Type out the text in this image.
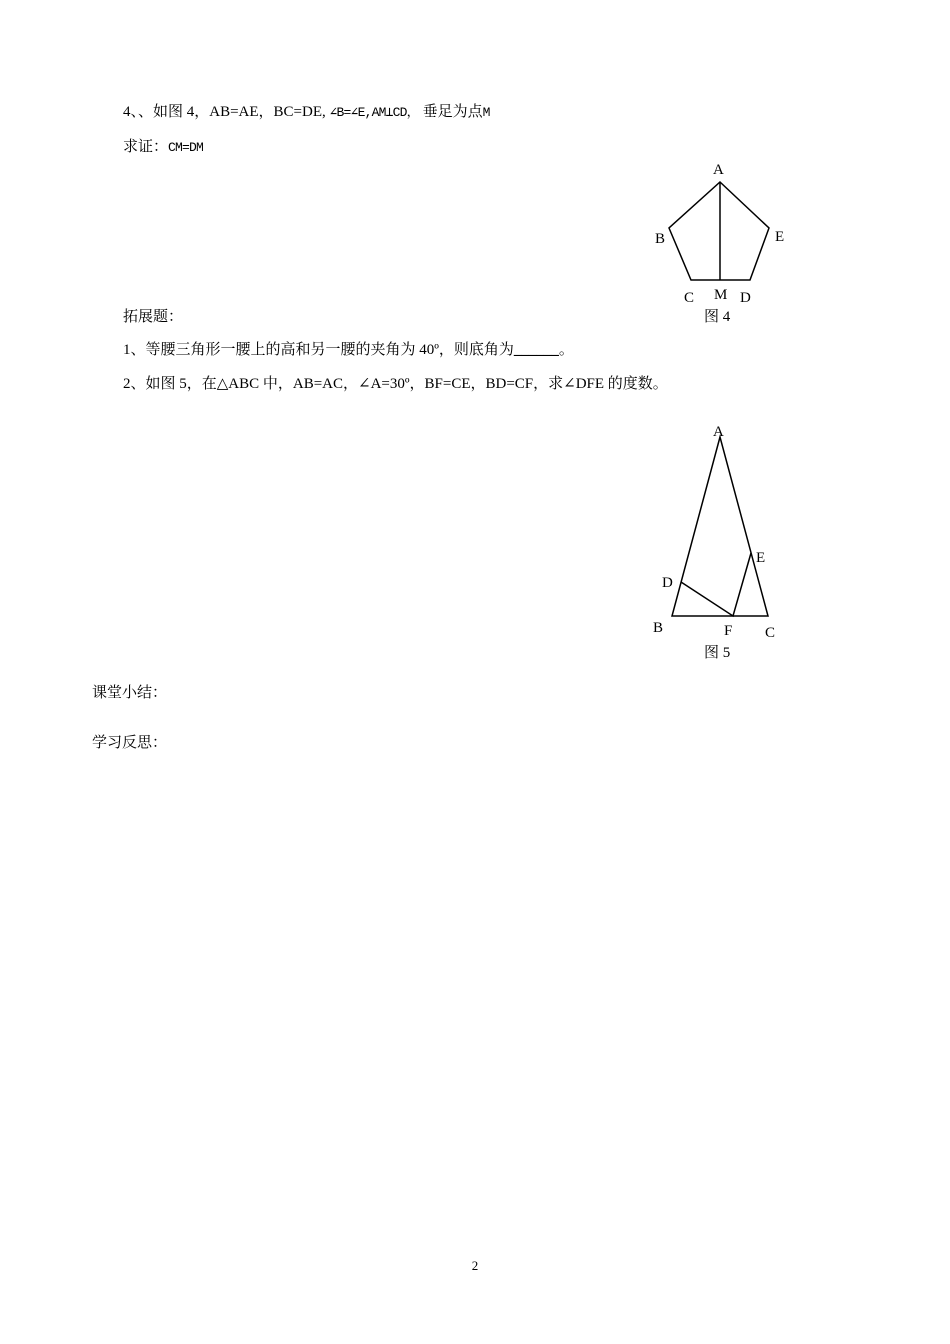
4、、如图 4，AB=AE，BC=DE, ∠B=∠E,AM⊥CD， 垂足为点M
求证：CM=DM
A
B	E
C M D
图 4
拓展题：
1、等腰三角形一腰上的高和另一腰的夹角为 40º，则底角为______。
2、如图 5，在△ABC 中，AB=AC，∠A=30º，BF=CE，BD=CF，求∠DFE 的度数。
A
E
D
B	F C
图 5
课堂小结：
学习反思：
2
